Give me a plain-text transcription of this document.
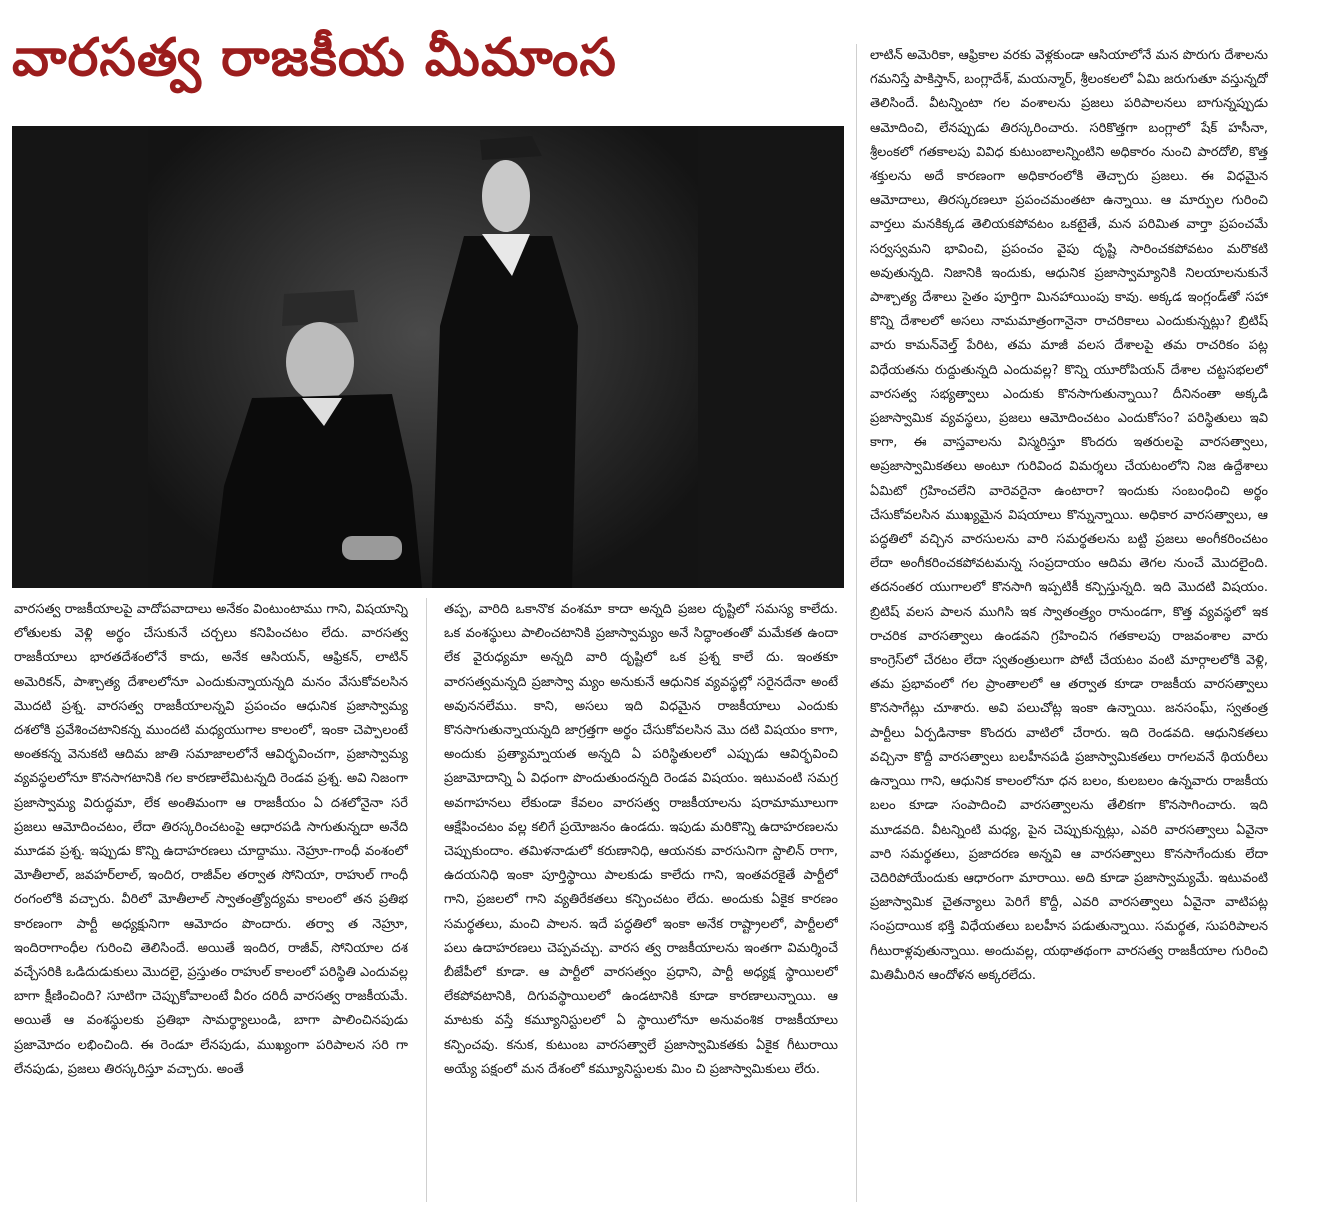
వారసత్వ రాజకీయ మీమాంస

వారసత్వ రాజకీయాలపై వాదోపవాదాలు అనేకం వింటుంటాము గాని, విషయాన్ని లోతులకు వెళ్లి అర్థం చేసుకునే చర్చలు కనిపించటం లేదు. వారసత్వ రాజకీయాలు భారతదేశంలోనే కాదు, అనేక ఆసియన్, ఆఫ్రికన్, లాటిన్ అమెరికన్, పాశ్చాత్య దేశాలలోనూ ఎందుకున్నాయన్నది మనం వేసుకోవలసిన మొదటి ప్రశ్న. వారసత్వ రాజకీయాలన్నవి ప్రపంచం ఆధునిక ప్రజాస్వామ్య దశలోకి ప్రవేశించటానికన్న ముందటి మధ్యయుగాల కాలంలో, ఇంకా చెప్పాలంటే అంతకన్న వెనుకటి ఆదిమ జాతి సమాజాలలోనే ఆవిర్భవించగా, ప్రజాస్వామ్య వ్యవస్థలలోనూ కొనసాగటానికి గల కారణాలేమిటన్నది రెండవ ప్రశ్న. అవి నిజంగా ప్రజాస్వామ్య విరుద్ధమా, లేక అంతిమంగా ఆ రాజకీయం ఏ దశలోనైనా సరే ప్రజలు ఆమోదించటం, లేదా తిరస్కరించటంపై ఆధారపడి సాగుతున్నదా అనేది మూడవ ప్రశ్న. ఇప్పుడు కొన్ని ఉదాహరణలు చూద్దాము. నెహ్రూ-గాంధీ వంశంలో మోతీలాల్, జవహర్‌లాల్, ఇందిర, రాజీవ్‌ల తర్వాత సోనియా, రాహుల్ గాంధీ రంగంలోకి వచ్చారు. వీరిలో మోతీలాల్ స్వాతంత్ర్యోద్యమ కాలంలో తన ప్రతిభ కారణంగా పార్టీ అధ్యక్షునిగా ఆమోదం పొందారు. తర్వా త నెహ్రూ, ఇందిరాగాంధీల గురించి తెలిసిందే. అయితే ఇందిర, రాజీవ్, సోనియాల దశ వచ్చేసరికి ఒడిదుడుకులు మొదలై, ప్రస్తుతం రాహుల్ కాలంలో పరిస్థితి ఎందువల్ల బాగా క్షీణించింది? సూటిగా చెప్పుకోవాలంటే వీరం దరిదీ వారసత్వ రాజకీయమే. అయితే ఆ వంశస్థులకు ప్రతిభా సామర్థ్యాలుండి, బాగా పాలించినపుడు ప్రజామోదం లభించింది. ఈ రెండూ లేనపుడు, ముఖ్యంగా పరిపాలన సరి గా లేనపుడు, ప్రజలు తిరస్కరిస్తూ వచ్చారు. అంతే

తప్ప, వారిది ఒకానొక వంశమా కాదా అన్నది ప్రజల దృష్టిలో సమస్య కాలేదు. ఒక వంశస్థులు పాలించటానికి ప్రజాస్వామ్యం అనే సిద్ధాంతంతో మమేకత ఉందా లేక వైరుధ్యమా అన్నది వారి దృష్టిలో ఒక ప్రశ్న కాలే దు. ఇంతకూ వారసత్వమన్నది ప్రజాస్వా మ్యం అనుకునే ఆధునిక వ్యవస్థల్లో సరైనదేనా అంటే అవుననలేము. కాని, అసలు ఇది విధమైన రాజకీయాలు ఎందుకు కొనసాగుతున్నాయన్నది జాగ్రత్తగా అర్థం చేసుకోవలసిన మొ దటి విషయం కాగా, అందుకు ప్రత్యామ్నాయత అన్నది ఏ పరిస్థితులలో ఎప్పుడు ఆవిర్భవించి ప్రజామోదాన్ని ఏ విధంగా పొందుతుందన్నది రెండవ విషయం. ఇటువంటి సమగ్ర అవగాహనలు లేకుండా కేవలం వారసత్వ రాజకీయాలను షరామామూలుగా ఆక్షేపించటం వల్ల కలిగే ప్రయోజనం ఉండదు. ఇపుడు మరికొన్ని ఉదాహరణలను చెప్పుకుందాం. తమిళనాడులో కరుణానిధి, ఆయనకు వారసునిగా స్టాలిన్ రాగా, ఉదయనిధి ఇంకా పూర్తిస్థాయి పాలకుడు కాలేదు గాని, ఇంతవరకైతే పార్టీలో గాని, ప్రజలలో గాని వ్యతిరేకతలు కన్పించటం లేదు. అందుకు ఏకైక కారణం సమర్థతలు, మంచి పాలన. ఇదే పద్ధతిలో ఇంకా అనేక రాష్ట్రాలలో, పార్టీలలో పలు ఉదాహరణలు చెప్పవచ్చు. వారస త్వ రాజకీయాలను ఇంతగా విమర్శించే బీజేపీలో కూడా. ఆ పార్టీలో వారసత్వం ప్రధాని, పార్టీ అధ్యక్ష స్థాయిలలో లేకపోవటానికి, దిగువస్థాయిలలో ఉండటానికి కూడా కారణాలున్నాయి. ఆ మాటకు వస్తే కమ్యూనిస్టులలో ఏ స్థాయిలోనూ అనువంశిక రాజకీయాలు కన్పించవు. కనుక, కుటుంబ వారసత్వాలే ప్రజాస్వామికతకు ఏకైక గీటురాయి అయ్యే పక్షంలో మన దేశంలో కమ్యూనిస్టులకు మిం చి ప్రజాస్వామికులు లేరు.

లాటిన్ అమెరికా, ఆఫ్రికాల వరకు వెళ్లకుండా ఆసియాలోనే మన పొరుగు దేశాలను గమనిస్తే పాకిస్తాన్, బంగ్లాదేశ్, మయన్మార్, శ్రీలంకలలో ఏమి జరుగుతూ వస్తున్నదో తెలిసిందే. వీటన్నింటా గల వంశాలను ప్రజలు పరిపాలనలు బాగున్నప్పుడు ఆమోదించి, లేనప్పుడు తిరస్కరించారు. సరికొత్తగా బంగ్లాలో షేక్ హసీనా, శ్రీలంకలో గతకాలపు వివిధ కుటుంబాలన్నింటిని అధికారం నుంచి పారదోలి, కొత్త శక్తులను అదే కారణంగా అధికారంలోకి తెచ్చారు ప్రజలు. ఈ విధమైన ఆమోదాలు, తిరస్కరణలూ ప్రపంచమంతటా ఉన్నాయి. ఆ మార్పుల గురించి వార్తలు మనకిక్కడ తెలియకపోవటం ఒకటైతే, మన పరిమిత వార్తా ప్రపంచమే సర్వస్వమని భావించి, ప్రపంచం వైపు దృష్టి సారించకపోవటం మరొకటి అవుతున్నది. నిజానికి ఇందుకు, ఆధునిక ప్రజాస్వామ్యానికి నిలయాలనుకునే పాశ్చాత్య దేశాలు సైతం పూర్తిగా మినహాయింపు కావు. అక్కడ ఇంగ్లండ్‌తో సహా కొన్ని దేశాలలో అసలు నామమాత్రంగానైనా రాచరికాలు ఎందుకున్నట్లు? బ్రిటిష్ వారు కామన్‌వెల్త్ పేరిట, తమ మాజీ వలస దేశాలపై తమ రాచరికం పట్ల విధేయతను రుద్దుతున్నది ఎందువల్ల? కొన్ని యూరోపియన్ దేశాల చట్టసభలలో వారసత్వ సభ్యత్వాలు ఎందుకు కొనసాగుతున్నాయి? దీనినంతా అక్కడి ప్రజాస్వామిక వ్యవస్థలు, ప్రజలు ఆమోదించటం ఎందుకోసం? పరిస్థితులు ఇవి కాగా, ఈ వాస్తవాలను విస్మరిస్తూ కొందరు ఇతరులపై వారసత్వాలు, అప్రజాస్వామికతలు అంటూ గురివింద విమర్శలు చేయటంలోని నిజ ఉద్దేశాలు ఏమిటో గ్రహించలేని వారెవరైనా ఉంటారా? ఇందుకు సంబంధించి అర్థం చేసుకోవలసిన ముఖ్యమైన విషయాలు కొన్నున్నాయి. అధికార వారసత్వాలు, ఆ పద్ధతిలో వచ్చిన వారసులను వారి సమర్థతలను బట్టి ప్రజలు అంగీకరించటం లేదా అంగీకరించకపోవటమన్న సంప్రదాయం ఆదిమ తెగల నుంచే మొదలైంది. తదనంతర యుగాలలో కొనసాగి ఇప్పటికీ కన్పిస్తున్నది. ఇది మొదటి విషయం. బ్రిటిష్ వలస పాలన ముగిసి ఇక స్వాతంత్ర్యం రానుండగా, కొత్త వ్యవస్థలో ఇక రాచరిక వారసత్వాలు ఉండవని గ్రహించిన గతకాలపు రాజవంశాల వారు కాంగ్రెస్‌లో చేరటం లేదా స్వతంత్రులుగా పోటీ చేయటం వంటి మార్గాలలోకి వెళ్లి, తమ ప్రభావంలో గల ప్రాంతాలలో ఆ తర్వాత కూడా రాజకీయ వారసత్వాలు కొనసాగేట్లు చూశారు. అవి పలుచోట్ల ఇంకా ఉన్నాయి. జనసంఘ్, స్వతంత్ర పార్టీలు ఏర్పడినాకా కొందరు వాటిలో చేరారు. ఇది రెండవది. ఆధునికతలు వచ్చినా కొద్దీ వారసత్వాలు బలహీనపడి ప్రజాస్వామికతలు రాగలవనే థియరీలు ఉన్నాయి గాని, ఆధునిక కాలంలోనూ ధన బలం, కులబలం ఉన్నవారు రాజకీయ బలం కూడా సంపాదించి వారసత్వాలను తేలికగా కొనసాగించారు. ఇది మూడవది. వీటన్నింటి మధ్య, పైన చెప్పుకున్నట్లు, ఎవరి వారసత్వాలు ఏవైనా వారి సమర్థతలు, ప్రజాదరణ అన్నవి ఆ వారసత్వాలు కొనసాగేందుకు లేదా చెదిరిపోయేందుకు ఆధారంగా మారాయి. అది కూడా ప్రజాస్వామ్యమే. ఇటువంటి ప్రజాస్వామిక చైతన్యాలు పెరిగే కొద్దీ, ఎవరి వారసత్వాలు ఏవైనా వాటిపట్ల సంప్రదాయిక భక్తి విధేయతలు బలహీన పడుతున్నాయి. సమర్థత, సుపరిపాలన గీటురాళ్లవుతున్నాయి. అందువల్ల, యథాతథంగా వారసత్వ రాజకీయాల గురించి మితిమీరిన ఆందోళన అక్కరలేదు.
